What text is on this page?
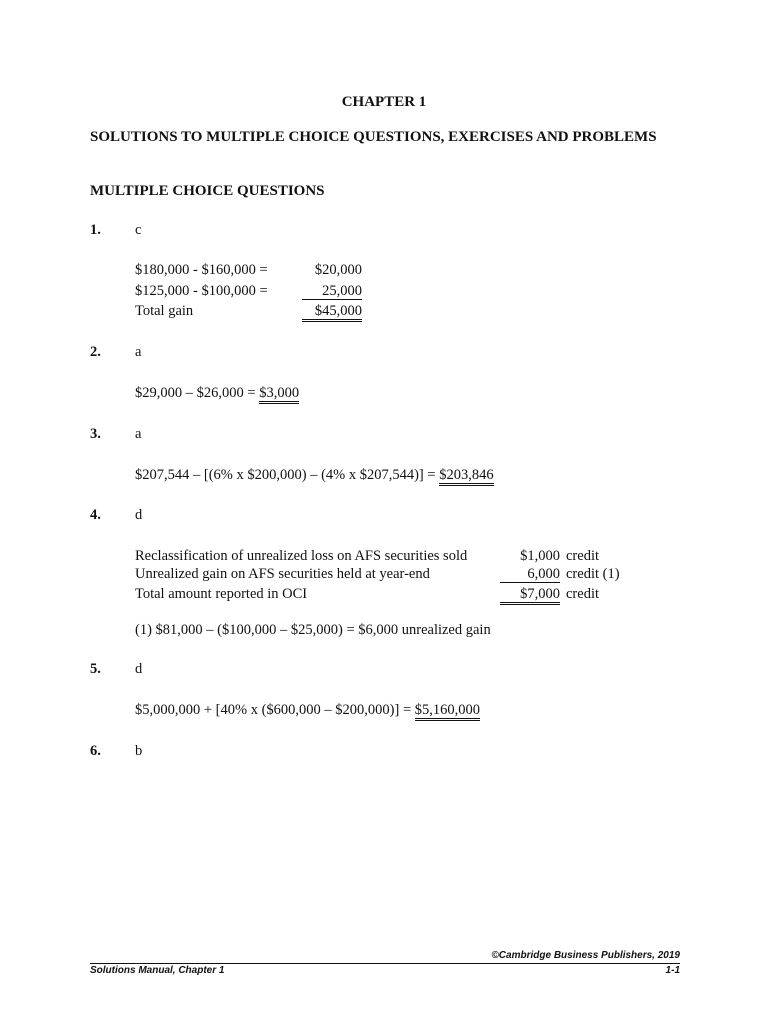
CHAPTER 1
SOLUTIONS TO MULTIPLE CHOICE QUESTIONS, EXERCISES AND PROBLEMS
MULTIPLE CHOICE QUESTIONS
1. c
$180,000 - $160,000 =	$20,000
$125,000 - $100,000 =	25,000
Total gain	$45,000
2. a
$29,000 – $26,000 = $3,000
3. a
$207,544 – [(6% x $200,000) – (4% x $207,544)] = $203,846
4. d
Reclassification of unrealized loss on AFS securities sold	$1,000 credit
Unrealized gain on AFS securities held at year-end	6,000 credit (1)
Total amount reported in OCI	$7,000 credit
(1) $81,000 – ($100,000 – $25,000) = $6,000 unrealized gain
5. d
$5,000,000 + [40% x ($600,000 – $200,000)] = $5,160,000
6. b
©Cambridge Business Publishers, 2019
Solutions Manual, Chapter 1	1-1
